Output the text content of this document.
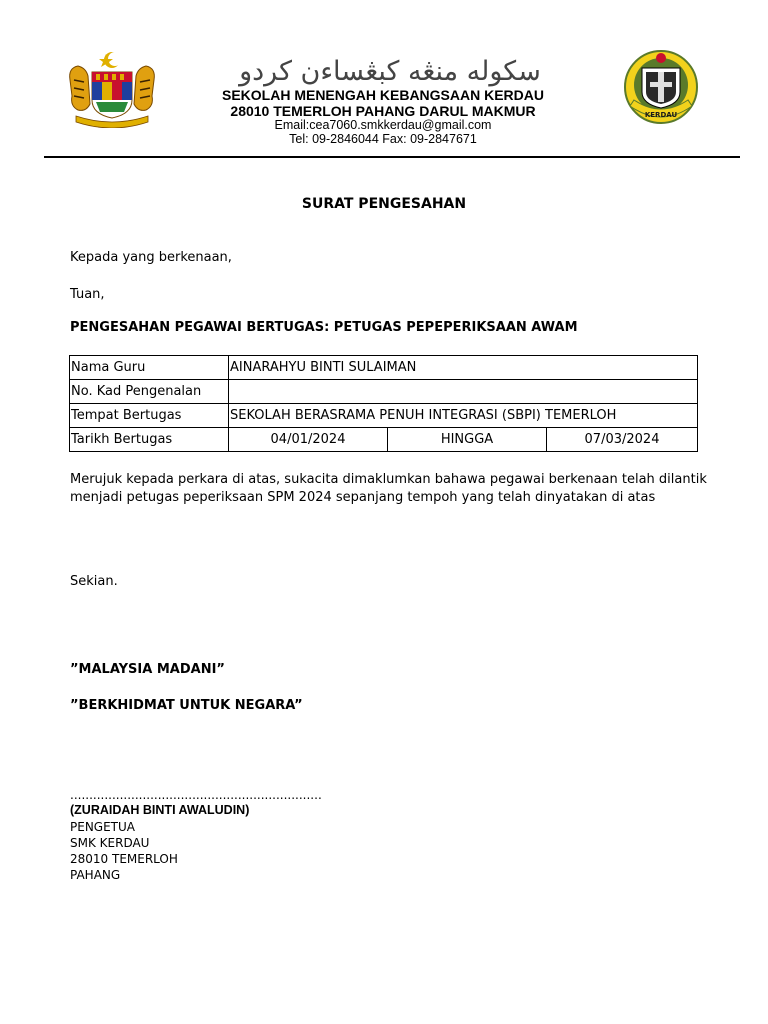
سکوله منڠه کبڠساءن کردو
SEKOLAH MENENGAH KEBANGSAAN KERDAU
28010 TEMERLOH PAHANG DARUL MAKMUR
Email:cea7060.smkkerdau@gmail.com
Tel: 09-2846044 Fax: 09-2847671
KERDAU
SURAT PENGESAHAN
Kepada yang berkenaan,
Tuan,
PENGESAHAN PEGAWAI BERTUGAS: PETUGAS PEPEPERIKSAAN AWAM
Nama Guru	AINARAHYU BINTI SULAIMAN		
No. Kad Pengenalan			
Tempat Bertugas	SEKOLAH BERASRAMA PENUH INTEGRASI (SBPI) TEMERLOH		
Tarikh Bertugas	04/01/2024	HINGGA	07/03/2024
Merujuk kepada perkara di atas, sukacita dimaklumkan bahawa pegawai berkenaan telah dilantik
menjadi petugas peperiksaan SPM 2024 sepanjang tempoh yang telah dinyatakan di atas
Sekian.
”MALAYSIA MADANI”
”BERKHIDMAT UNTUK NEGARA”
..................................................................
(ZURAIDAH BINTI AWALUDIN)
PENGETUA
SMK KERDAU
28010 TEMERLOH
PAHANG
